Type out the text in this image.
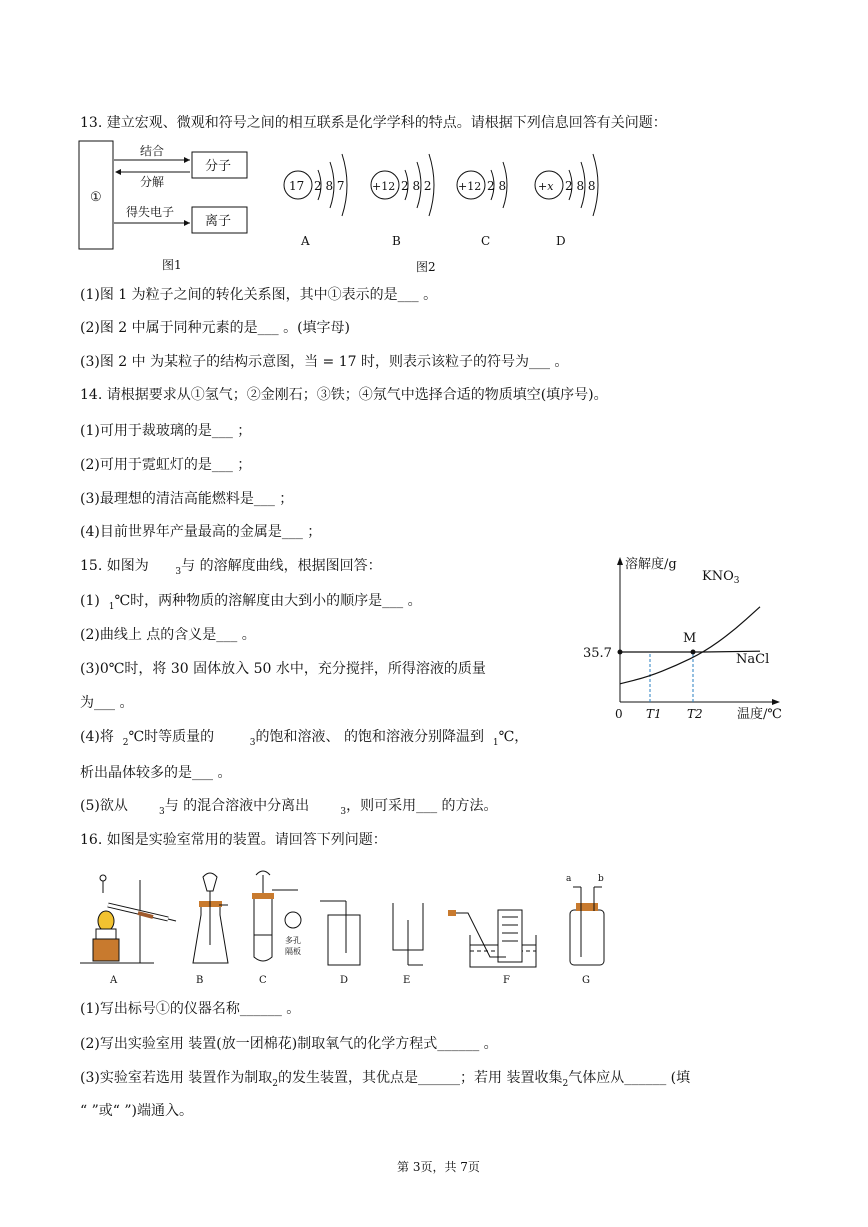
13. 建立宏观、微观和符号之间的相互联系是化学学科的特点。请根据下列信息回答有关问题：
①
结合
分解
得失电子
分子
离子
图1
17 2 8 7
A
+12 2 8 2
B
+12 2 8
C
+x 2 8 8
D
图2
(1)图 1 为粒子之间的转化关系图，其中①表示的是___ 。
(2)图 2 中属于同种元素的是___ 。(填字母)
(3)图 2 中 为某粒子的结构示意图，当 = 17 时，则表示该粒子的符号为___ 。
14. 请根据要求从①氢气；②金刚石；③铁；④氖气中选择合适的物质填空(填序号)。
(1)可用于裁玻璃的是___ ；
(2)可用于霓虹灯的是___ ；
(3)最理想的清洁高能燃料是___ ；
(4)目前世界年产量最高的金属是___ ；
15. 如图为	$_3$与 的溶解度曲线，根据图回答：
(1) $_1$℃时，两种物质的溶解度由大到小的顺序是___ 。
(2)曲线上 点的含义是___ 。
(3)0℃时，将 30 固体放入 50 水中，充分搅拌，所得溶液的质量
为___ 。
(4)将 $_2$℃时等质量的	$_3$的饱和溶液、 的饱和溶液分别降温到 $_1$℃，
析出晶体较多的是___ 。
(5)欲从	$_3$与 的混合溶液中分离出	$_3$，则可采用___ 的方法。
溶解度/g
温度/℃
35.7
0 T1 T2
M
$KNO_3$
NaCl
16. 如图是实验室常用的装置。请回答下列问题：
A	B
多孔
隔板
C	D	E	F
a	b
G
(1)写出标号①的仪器名称______ 。
(2)写出实验室用 装置(放一团棉花)制取氧气的化学方程式______ 。
(3)实验室若选用 装置作为制取$_2$的发生装置，其优点是______；若用 装置收集$_2$气体应从______ (填
“ ”或“ ”)端通入。
第 3页，共 7页
